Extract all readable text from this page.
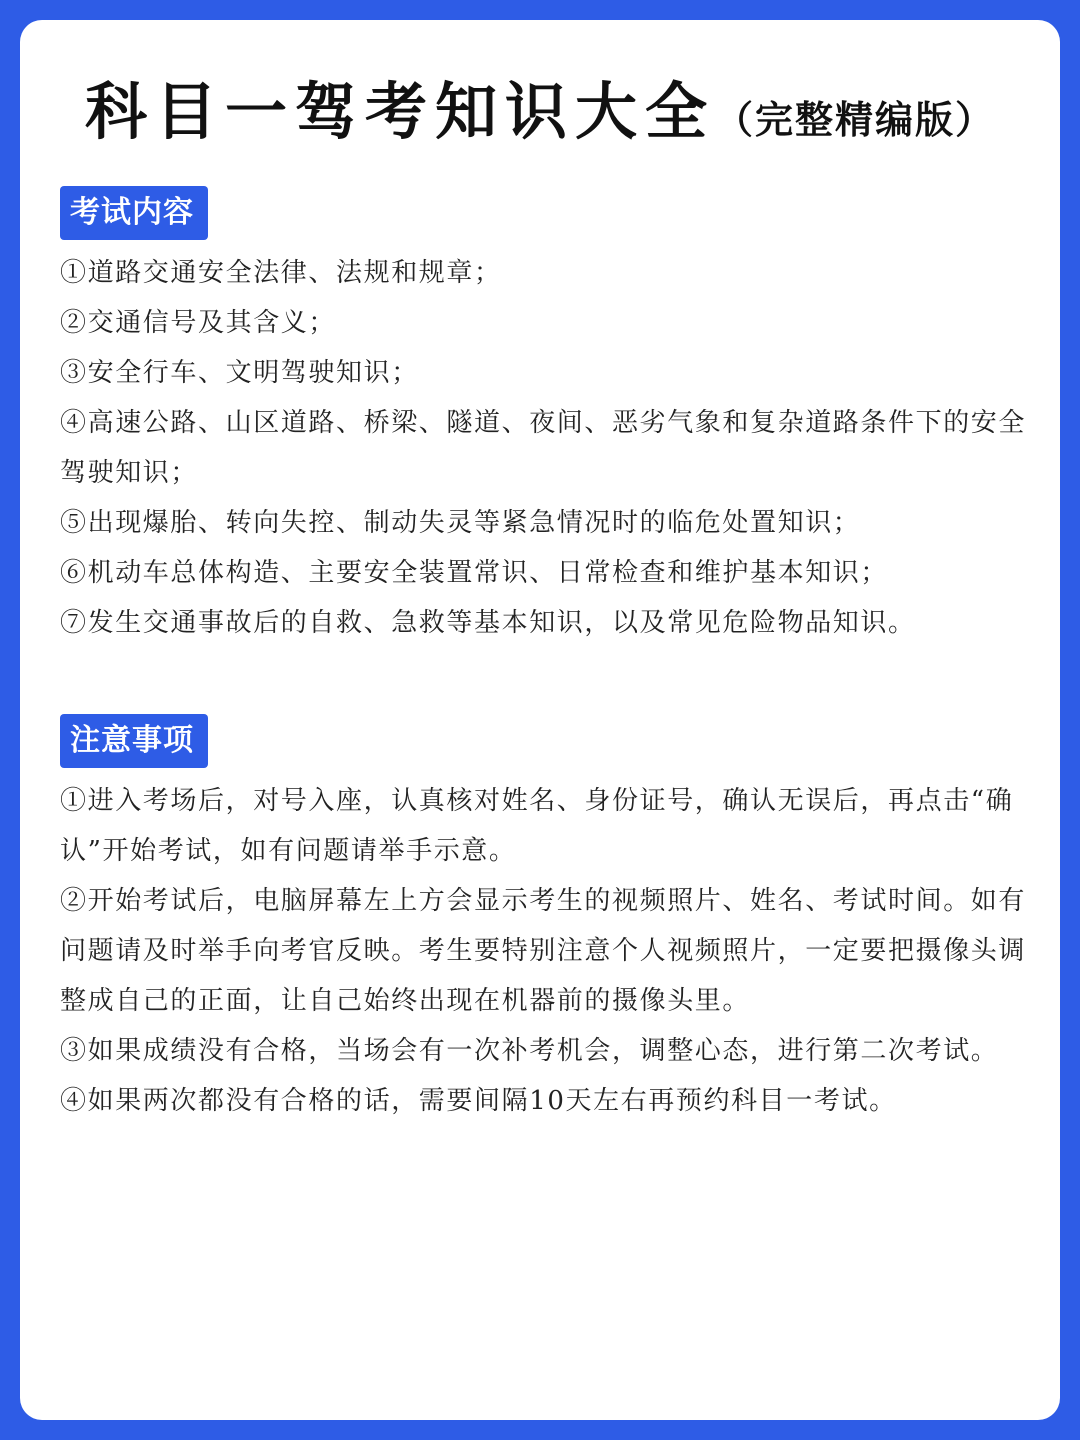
科目一驾考知识大全（完整精编版）
考试内容
①道路交通安全法律、法规和规章；
②交通信号及其含义；
③安全行车、文明驾驶知识；
④高速公路、山区道路、桥梁、隧道、夜间、恶劣气象和复杂道路条件下的安全驾驶知识；
⑤出现爆胎、转向失控、制动失灵等紧急情况时的临危处置知识；
⑥机动车总体构造、主要安全装置常识、日常检查和维护基本知识；
⑦发生交通事故后的自救、急救等基本知识，以及常见危险物品知识。
注意事项
①进入考场后，对号入座，认真核对姓名、身份证号，确认无误后，再点击“确认”开始考试，如有问题请举手示意。
②开始考试后，电脑屏幕左上方会显示考生的视频照片、姓名、考试时间。如有问题请及时举手向考官反映。考生要特别注意个人视频照片，一定要把摄像头调整成自己的正面，让自己始终出现在机器前的摄像头里。
③如果成绩没有合格，当场会有一次补考机会，调整心态，进行第二次考试。
④如果两次都没有合格的话，需要间隔10天左右再预约科目一考试。
